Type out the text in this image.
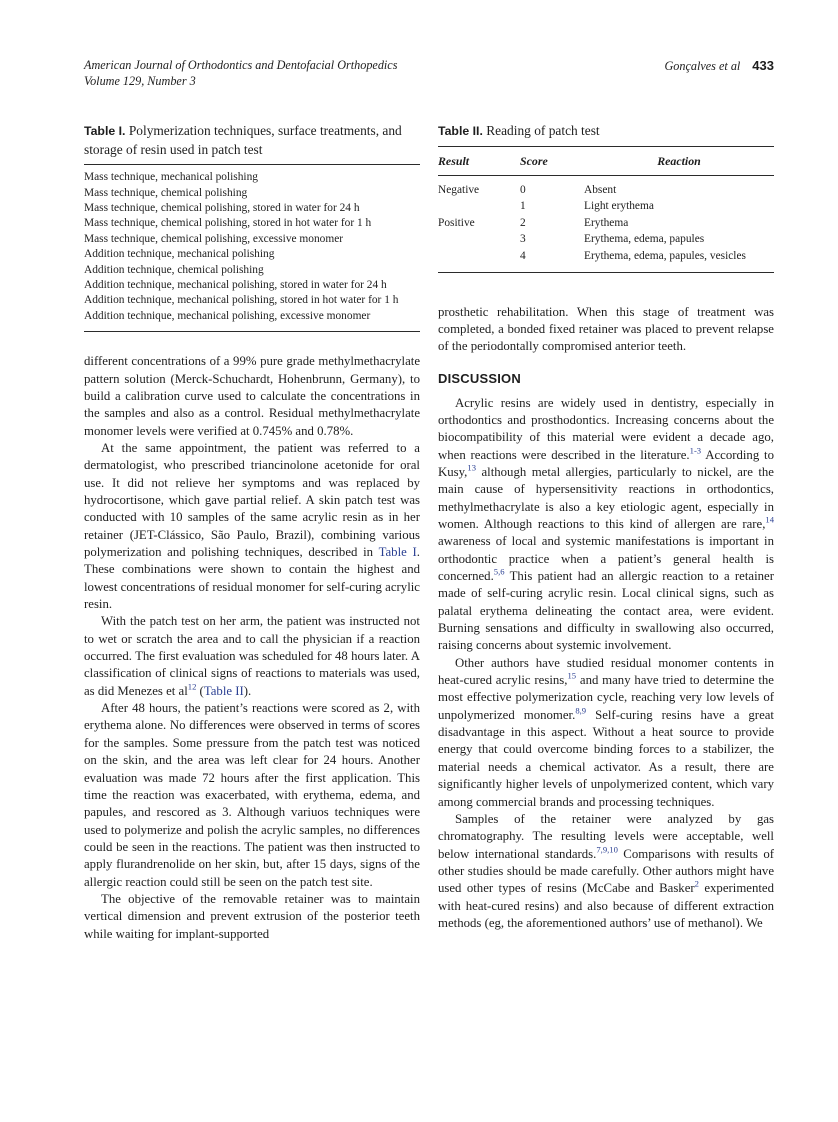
American Journal of Orthodontics and Dentofacial Orthopedics
Volume 129, Number 3
Gonçalves et al 433
Table I. Polymerization techniques, surface treatments, and storage of resin used in patch test
Mass technique, mechanical polishing
Mass technique, chemical polishing
Mass technique, chemical polishing, stored in water for 24 h
Mass technique, chemical polishing, stored in hot water for 1 h
Mass technique, chemical polishing, excessive monomer
Addition technique, mechanical polishing
Addition technique, chemical polishing
Addition technique, mechanical polishing, stored in water for 24 h
Addition technique, mechanical polishing, stored in hot water for 1 h
Addition technique, mechanical polishing, excessive monomer

different concentrations of a 99% pure grade methylmethacrylate pattern solution (Merck-Schuchardt, Hohenbrunn, Germany), to build a calibration curve used to calculate the concentrations in the samples and also as a control. Residual methylmethacrylate monomer levels were verified at 0.745% and 0.78%.

At the same appointment, the patient was referred to a dermatologist, who prescribed triancinolone acetonide for oral use. It did not relieve her symptoms and was replaced by hydrocortisone, which gave partial relief. A skin patch test was conducted with 10 samples of the same acrylic resin as in her retainer (JET-Clássico, São Paulo, Brazil), combining various polymerization and polishing techniques, described in Table I. These combinations were shown to contain the highest and lowest concentrations of residual monomer for self-curing acrylic resin.

With the patch test on her arm, the patient was instructed not to wet or scratch the area and to call the physician if a reaction occurred. The first evaluation was scheduled for 48 hours later. A classification of clinical signs of reactions to materials was used, as did Menezes et $al^{12}$ (Table II).

After 48 hours, the patient’s reactions were scored as 2, with erythema alone. No differences were observed in terms of scores for the samples. Some pressure from the patch test was noticed on the skin, and the area was left clear for 24 hours. Another evaluation was made 72 hours after the first application. This time the reaction was exacerbated, with erythema, edema, and papules, and rescored as 3. Although variuos techniques were used to polymerize and polish the acrylic samples, no differences could be seen in the reactions. The patient was then instructed to apply flurandrenolide on her skin, but, after 15 days, signs of the allergic reaction could still be seen on the patch test site.

The objective of the removable retainer was to maintain vertical dimension and prevent extrusion of the posterior teeth while waiting for implant-supported

Table II. Reading of patch test
Result	Score	Reaction
Negative	0	Absent
	1	Light erythema
Positive	2	Erythema
	3	Erythema, edema, papules
	4	Erythema, edema, papules, vesicles

prosthetic rehabilitation. When this stage of treatment was completed, a bonded fixed retainer was placed to prevent relapse of the periodontally compromised anterior teeth.

DISCUSSION

Acrylic resins are widely used in dentistry, especially in orthodontics and prosthodontics. Increasing concerns about the biocompatibility of this material were evident a decade ago, when reactions were described in the literature.$^{1-3}$ According to Kusy,$^{13}$ although metal allergies, particularly to nickel, are the main cause of hypersensitivity reactions in orthodontics, methylmethacrylate is also a key etiologic agent, especially in women. Although reactions to this kind of allergen are rare,$^{14}$ awareness of local and systemic manifestations is important in orthodontic practice when a patient’s general health is concerned.$^{5,6}$ This patient had an allergic reaction to a retainer made of self-curing acrylic resin. Local clinical signs, such as palatal erythema delineating the contact area, were evident. Burning sensations and difficulty in swallowing also occurred, raising concerns about systemic involvement.

Other authors have studied residual monomer contents in heat-cured acrylic resins,$^{15}$ and many have tried to determine the most effective polymerization cycle, reaching very low levels of unpolymerized monomer.$^{8,9}$ Self-curing resins have a great disadvantage in this aspect. Without a heat source to provide energy that could overcome binding forces to a stabilizer, the material needs a chemical activator. As a result, there are significantly higher levels of unpolymerized content, which vary among commercial brands and processing techniques.

Samples of the retainer were analyzed by gas chromatography. The resulting levels were acceptable, well below international standards.$^{7,9,10}$ Comparisons with results of other studies should be made carefully. Other authors might have used other types of resins (McCabe and Basker$^2$ experimented with heat-cured resins) and also because of different extraction methods (eg, the aforementioned authors’ use of methanol). We
